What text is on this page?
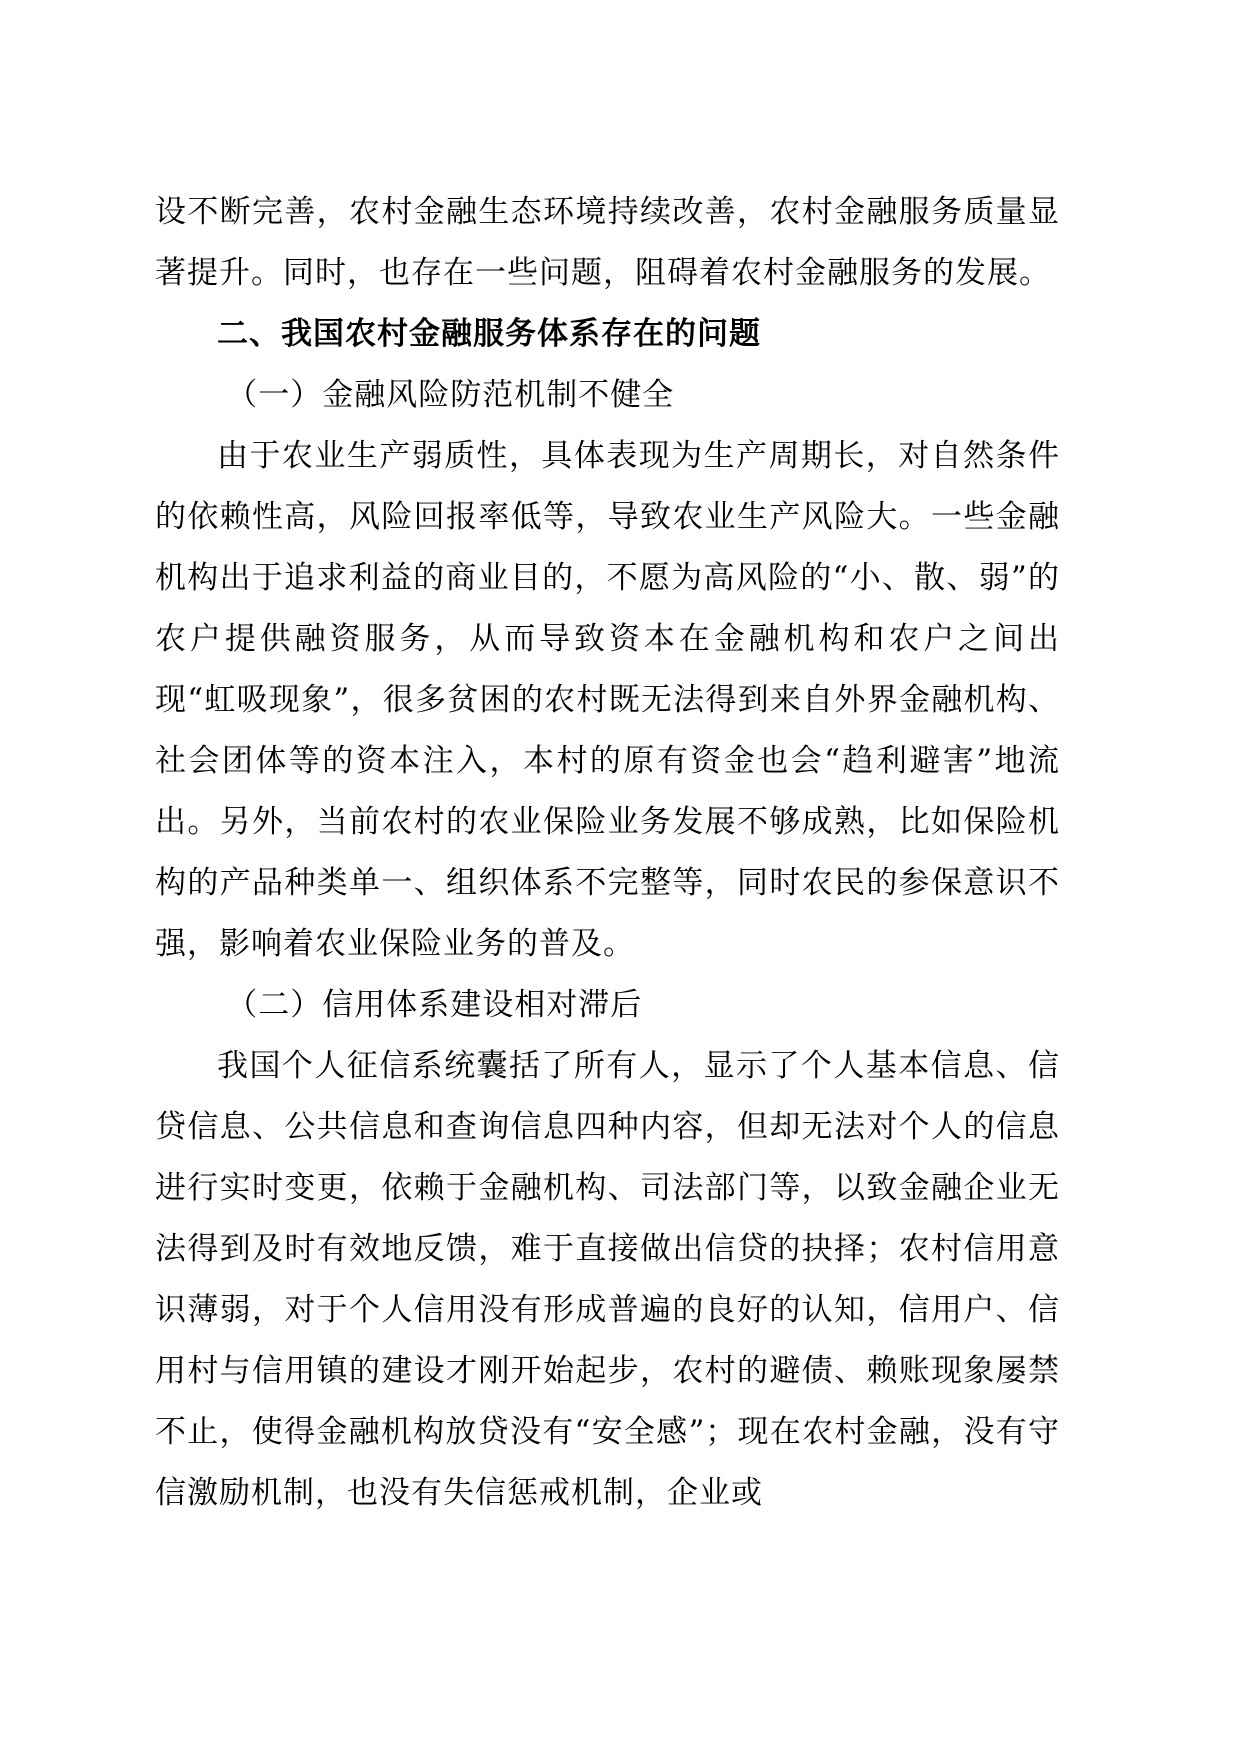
设不断完善，农村金融生态环境持续改善，农村金融服务质量显著提升。同时，也存在一些问题，阻碍着农村金融服务的发展。

二、我国农村金融服务体系存在的问题

（一）金融风险防范机制不健全

由于农业生产弱质性，具体表现为生产周期长，对自然条件的依赖性高，风险回报率低等，导致农业生产风险大。一些金融机构出于追求利益的商业目的，不愿为高风险的“小、散、弱”的农户提供融资服务，从而导致资本在金融机构和农户之间出现“虹吸现象”，很多贫困的农村既无法得到来自外界金融机构、社会团体等的资本注入，本村的原有资金也会“趋利避害”地流出。另外，当前农村的农业保险业务发展不够成熟，比如保险机构的产品种类单一、组织体系不完整等，同时农民的参保意识不强，影响着农业保险业务的普及。

（二）信用体系建设相对滞后

我国个人征信系统囊括了所有人，显示了个人基本信息、信贷信息、公共信息和查询信息四种内容，但却无法对个人的信息进行实时变更，依赖于金融机构、司法部门等，以致金融企业无法得到及时有效地反馈，难于直接做出信贷的抉择；农村信用意识薄弱，对于个人信用没有形成普遍的良好的认知，信用户、信用村与信用镇的建设才刚开始起步，农村的避债、赖账现象屡禁不止，使得金融机构放贷没有“安全感”；现在农村金融，没有守信激励机制，也没有失信惩戒机制，企业或
